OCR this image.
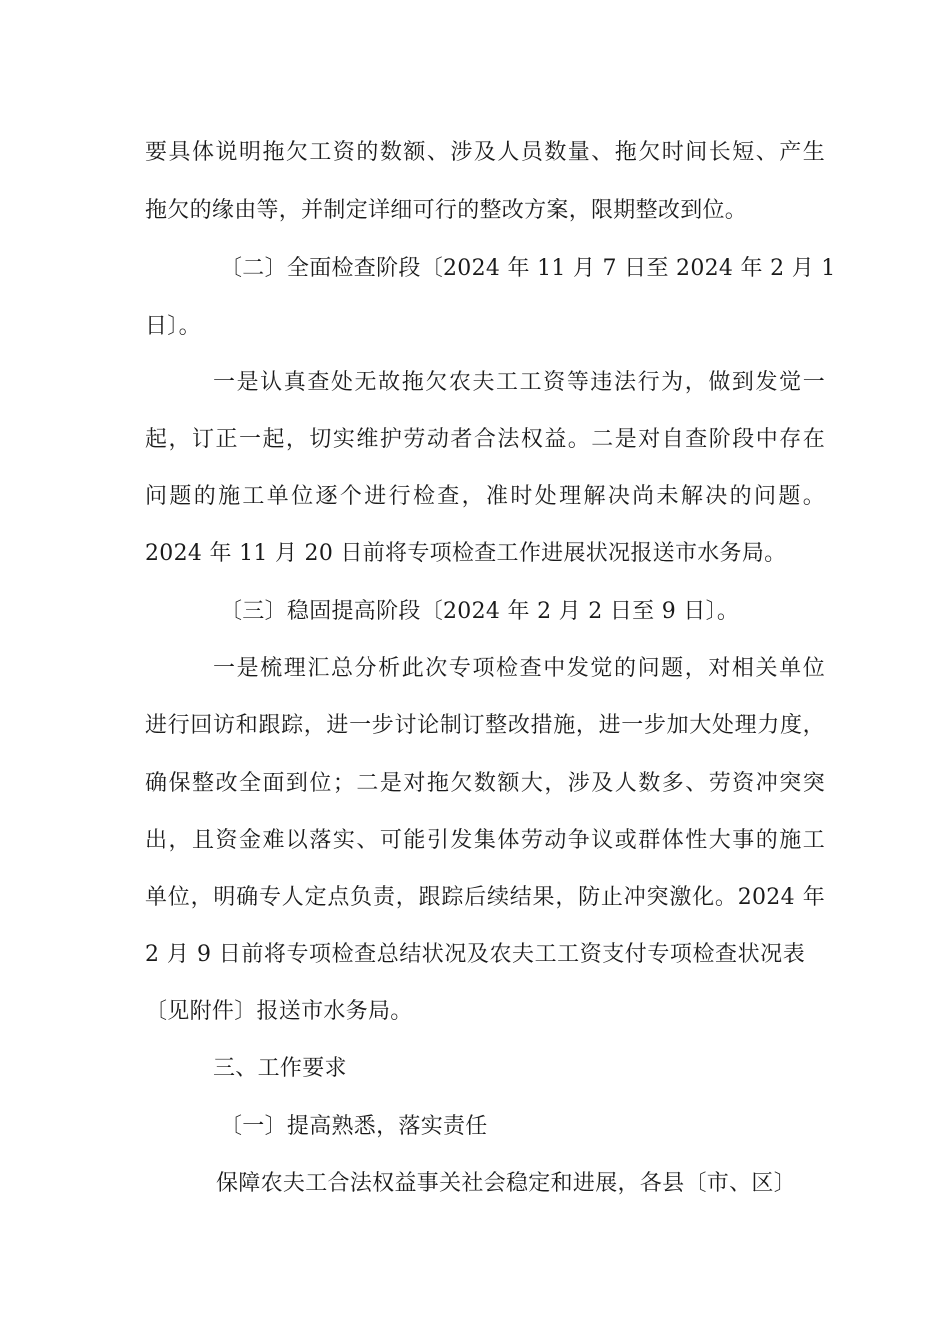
要具体说明拖欠工资的数额、涉及人员数量、拖欠时间长短、产生
拖欠的缘由等，并制定详细可行的整改方案，限期整改到位。
〔二〕全面检查阶段〔2024 年 11 月 7 日至 2024 年 2 月 1
日〕。
一是认真查处无故拖欠农夫工工资等违法行为，做到发觉一
起，订正一起，切实维护劳动者合法权益。二是对自查阶段中存在
问题的施工单位逐个进行检查，准时处理解决尚未解决的问题。
2024 年 11 月 20 日前将专项检查工作进展状况报送市水务局。
〔三〕稳固提高阶段〔2024 年 2 月 2 日至 9 日〕。
一是梳理汇总分析此次专项检查中发觉的问题，对相关单位
进行回访和跟踪，进一步讨论制订整改措施，进一步加大处理力度，
确保整改全面到位；二是对拖欠数额大，涉及人数多、劳资冲突突
出，且资金难以落实、可能引发集体劳动争议或群体性大事的施工
单位，明确专人定点负责，跟踪后续结果，防止冲突激化。2024 年
2 月 9 日前将专项检查总结状况及农夫工工资支付专项检查状况表
〔见附件〕报送市水务局。
三、工作要求
〔一〕提高熟悉，落实责任
保障农夫工合法权益事关社会稳定和进展，各县〔市、区〕
